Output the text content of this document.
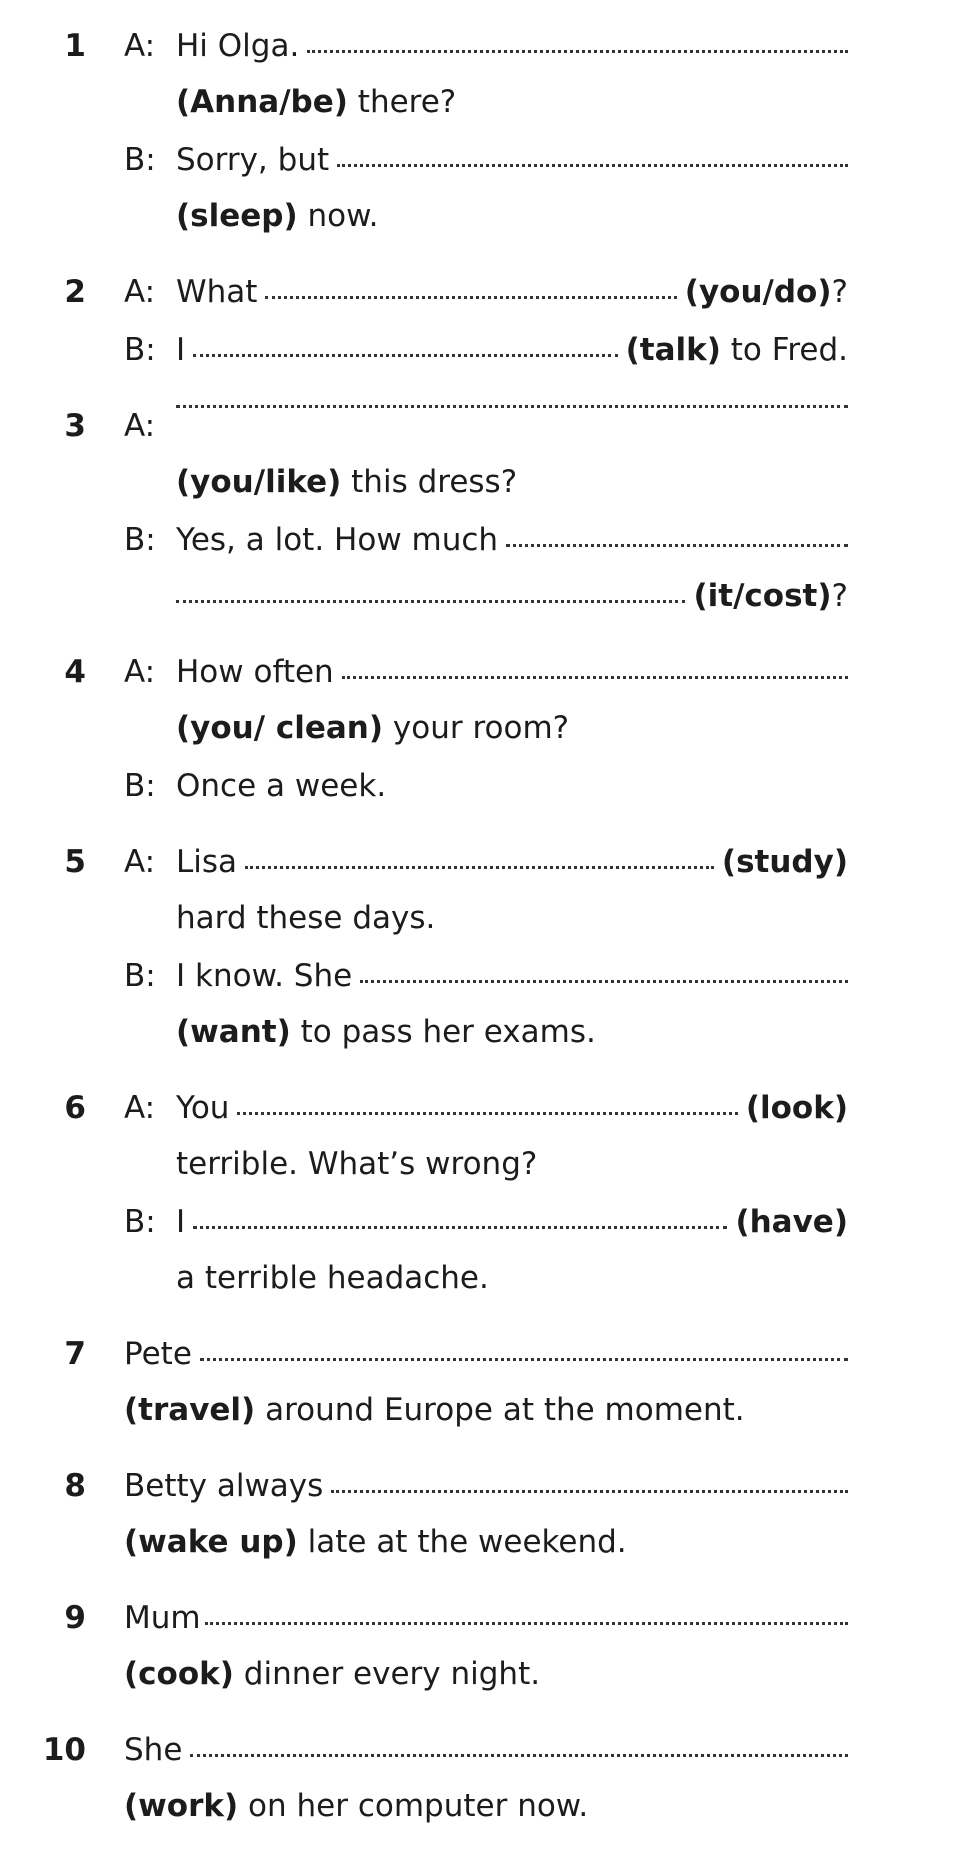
1 A: Hi Olga.
(Anna/be) there?
B: Sorry, but
(sleep) now.
2 A: What	(you/do) ?
B: I	(talk)
to Fred.
3 A:
(you/like) this dress?
B: Yes, a lot. How much
(it/cost) ?
4 A: How often
(you/ clean) your room?
B: Once a week.
5 A: Lisa	(study)
hard these days.
B: I know. She
(want) to pass her exams.
6 A: You	(look)
terrible. What’s wrong?
B: I	(have)
a terrible headache.
7 Pete
(travel) around Europe at the moment.
8 Betty always
(wake up) late at the weekend.
9 Mum
(cook) dinner every night.
10 She
(work) on her computer now.
